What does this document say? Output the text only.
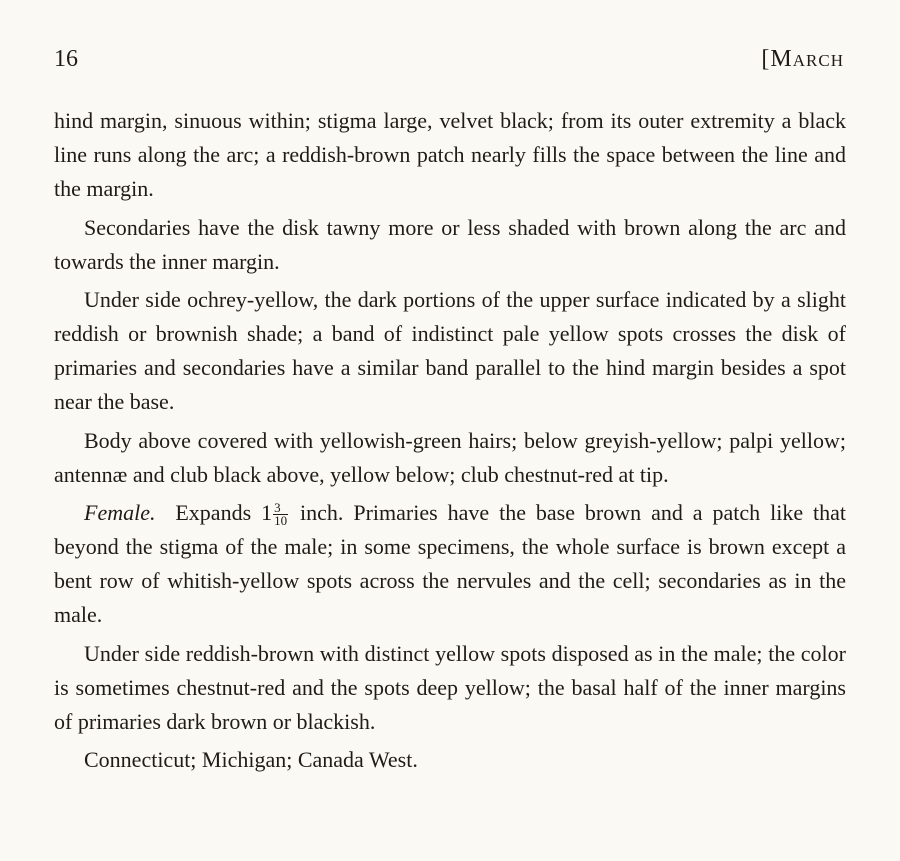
16	[March

hind margin, sinuous within; stigma large, velvet black; from its outer extremity a black line runs along the arc; a reddish-brown patch nearly fills the space between the line and the margin.

Secondaries have the disk tawny more or less shaded with brown along the arc and towards the inner margin.

Under side ochrey-yellow, the dark portions of the upper surface indicated by a slight reddish or brownish shade; a band of indistinct pale yellow spots crosses the disk of primaries and secondaries have a similar band parallel to the hind margin besides a spot near the base.

Body above covered with yellowish-green hairs; below greyish-yellow; palpi yellow; antennæ and club black above, yellow below; club chestnut-red at tip.

Female. Expands $1 \frac{3}{10}$ inch. Primaries have the base brown and a patch like that beyond the stigma of the male; in some specimens, the whole surface is brown except a bent row of whitish-yellow spots across the nervules and the cell; secondaries as in the male.

Under side reddish-brown with distinct yellow spots disposed as in the male; the color is sometimes chestnut-red and the spots deep yellow; the basal half of the inner margins of primaries dark brown or blackish.

Connecticut; Michigan; Canada West.
